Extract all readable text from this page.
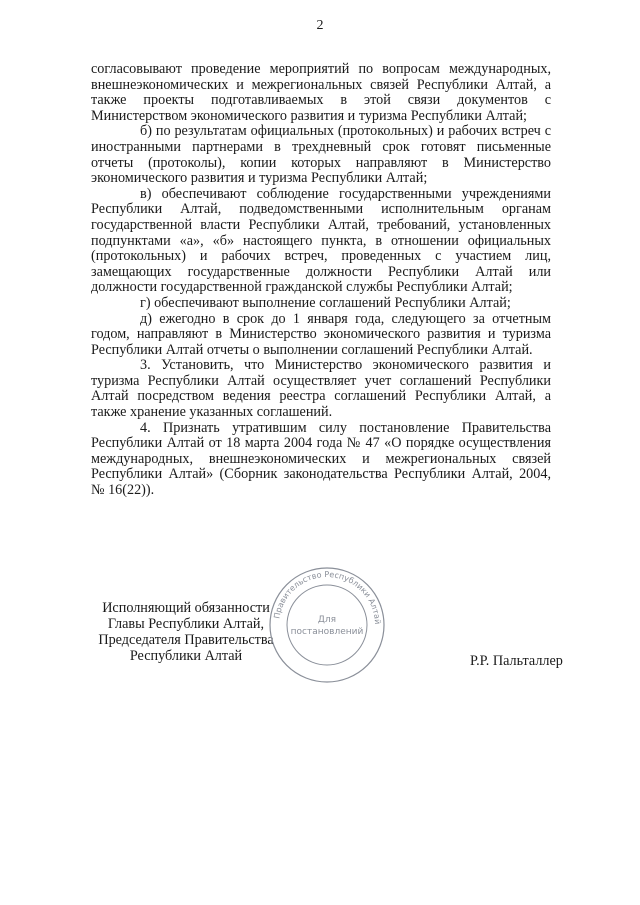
2

согласовывают проведение мероприятий по вопросам международных, внешнеэкономических и межрегиональных связей Республики Алтай, а также проекты подготавливаемых в этой связи документов с Министерством экономического развития и туризма Республики Алтай;

б) по результатам официальных (протокольных) и рабочих встреч с иностранными партнерами в трехдневный срок готовят письменные отчеты (протоколы), копии которых направляют в Министерство экономического развития и туризма Республики Алтай;

в) обеспечивают соблюдение государственными учреждениями Республики Алтай, подведомственными исполнительным органам государственной власти Республики Алтай, требований, установленных подпунктами «а», «б» настоящего пункта, в отношении официальных (протокольных) и рабочих встреч, проведенных с участием лиц, замещающих государственные должности Республики Алтай или должности государственной гражданской службы Республики Алтай;

г) обеспечивают выполнение соглашений Республики Алтай;

д) ежегодно в срок до 1 января года, следующего за отчетным годом, направляют в Министерство экономического развития и туризма Республики Алтай отчеты о выполнении соглашений Республики Алтай.

3. Установить, что Министерство экономического развития и туризма Республики Алтай осуществляет учет соглашений Республики Алтай посредством ведения реестра соглашений Республики Алтай, а также хранение указанных соглашений.

4. Признать утратившим силу постановление Правительства Республики Алтай от 18 марта 2004 года № 47 «О порядке осуществления международных, внешнеэкономических и межрегиональных связей Республики Алтай» (Сборник законодательства Республики Алтай, 2004, № 16(22)).

Исполняющий обязанности
Главы Республики Алтай,
Председателя Правительства
Республики Алтай	Р.Р. Пальталлер
Правительство Республики Алтай
Для
постановлений
